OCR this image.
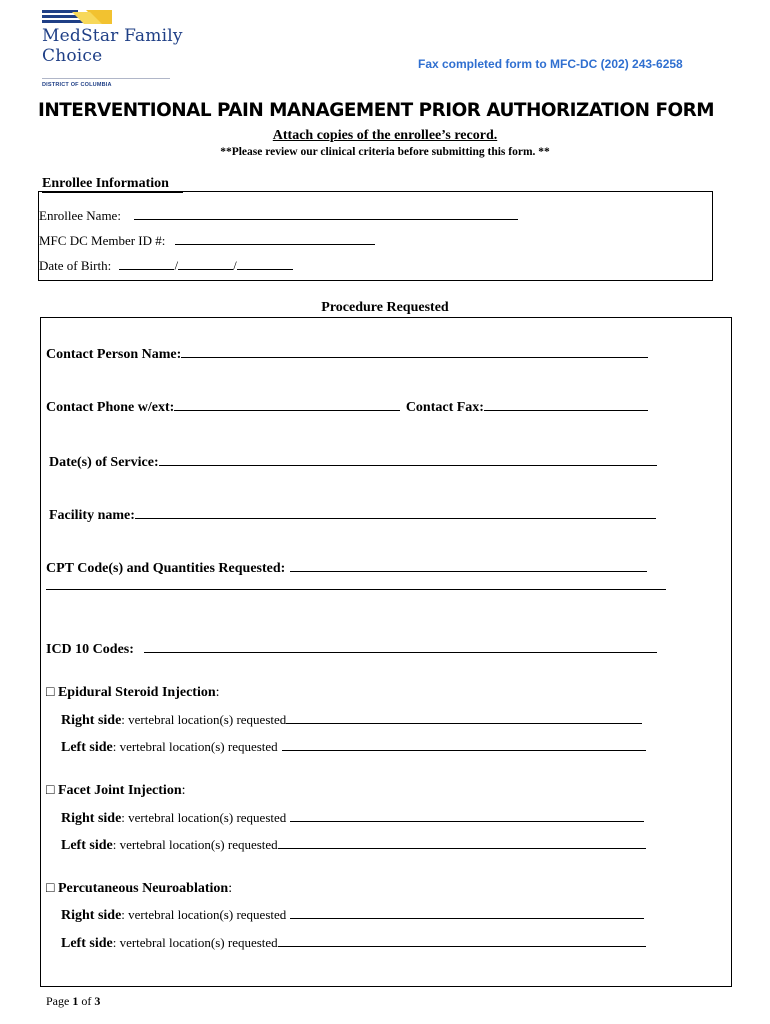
MedStar Family
Choice
DISTRICT OF COLUMBIA
Fax completed form to MFC-DC (202) 243-6258
INTERVENTIONAL PAIN MANAGEMENT PRIOR AUTHORIZATION FORM
Attach copies of the enrollee’s record.
**Please review our clinical criteria before submitting this form. **
Enrollee Information
Enrollee Name:
MFC DC Member ID #:
Date of Birth:	/	/
Procedure Requested
Contact Person Name:
Contact Phone w/ext:	Contact Fax:
Date(s) of Service:
Facility name:
CPT Code(s) and Quantities Requested:
ICD 10 Codes:
□ Epidural Steroid Injection:
Right side: vertebral location(s) requested
Left side: vertebral location(s) requested
□ Facet Joint Injection:
Right side: vertebral location(s) requested
Left side: vertebral location(s) requested
□ Percutaneous Neuroablation:
Right side: vertebral location(s) requested
Left side: vertebral location(s) requested
Page 1 of 3
